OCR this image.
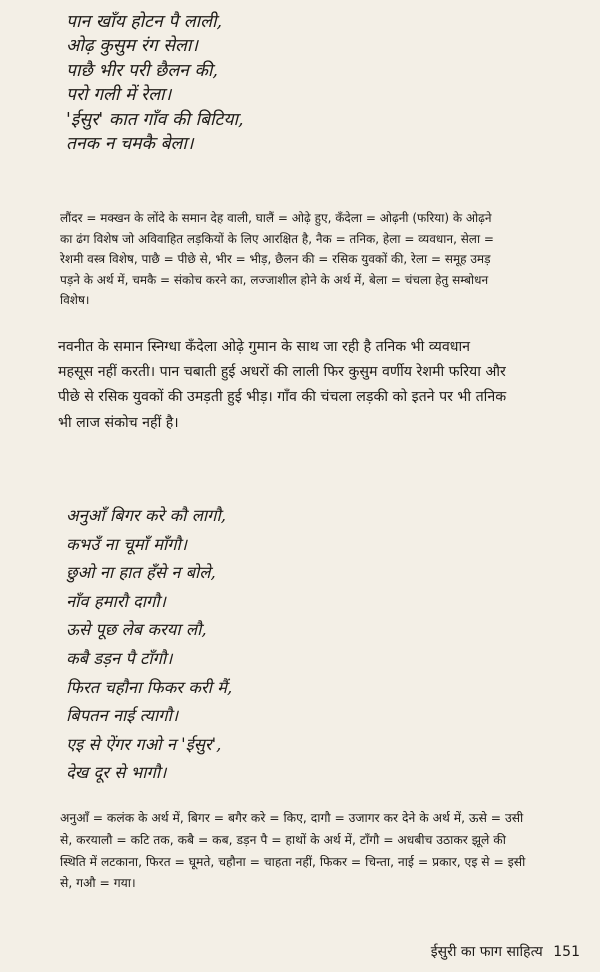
पान खाँय होटन पै लाली,
ओढ़ कुसुम रंग सेला।
पाछै भीर परी छैलन की,
परो गली में रेला।
'ईसुर' कात गाँव की बिटिया,
तनक न चमकै बेला।
लौंदर = मक्खन के लोंदे के समान देह वाली, घालैं = ओढ़े हुए, कँदेला = ओढ़नी (फरिया) के ओढ़ने
का ढंग विशेष जो अविवाहित लड़कियों के लिए आरक्षित है, नैक = तनिक, हेला = व्यवधान, सेला =
रेशमी वस्त्र विशेष, पाछै = पीछे से, भीर = भीड़, छैलन की = रसिक युवकों की, रेला = समूह उमड़
पड़ने के अर्थ में, चमकै = संकोच करने का, लज्जाशील होने के अर्थ में, बेला = चंचला हेतु सम्बोधन
विशेष।
नवनीत के समान स्निग्धा कँदेला ओढ़े गुमान के साथ जा रही है तनिक भी व्यवधान
महसूस नहीं करती। पान चबाती हुई अधरों की लाली फिर कुसुम वर्णीय रेशमी फरिया और
पीछे से रसिक युवकों की उमड़ती हुई भीड़। गाँव की चंचला लड़की को इतने पर भी तनिक
भी लाज संकोच नहीं है।
अनुआँ बिगर करे कौ लागौ,
कभउँ ना चूमाँ माँगौ।
छुओ ना हात हँसे न बोले,
नाँव हमारौ दागौ।
ऊसे पूछ लेब करया लौ,
कबै डड़न पै टाँगौ।
फिरत चहौना फिकर करी मैं,
बिपतन नाई त्यागौ।
एइ से ऐंगर गओ न 'ईसुर',
देख दूर से भागौ।
अनुआँ = कलंक के अर्थ में, बिगर = बगैर करे = किए, दागौ = उजागर कर देने के अर्थ में, ऊसे = उसी
से, करयालौ = कटि तक, कबै = कब, डड़न पै = हाथों के अर्थ में, टाँगौ = अधबीच उठाकर झूले की
स्थिति में लटकाना, फिरत = घूमते, चहौना = चाहता नहीं, फिकर = चिन्ता, नाई = प्रकार, एइ से = इसी
से, गऔ = गया।
ईसुरी का फाग साहित्य 151
